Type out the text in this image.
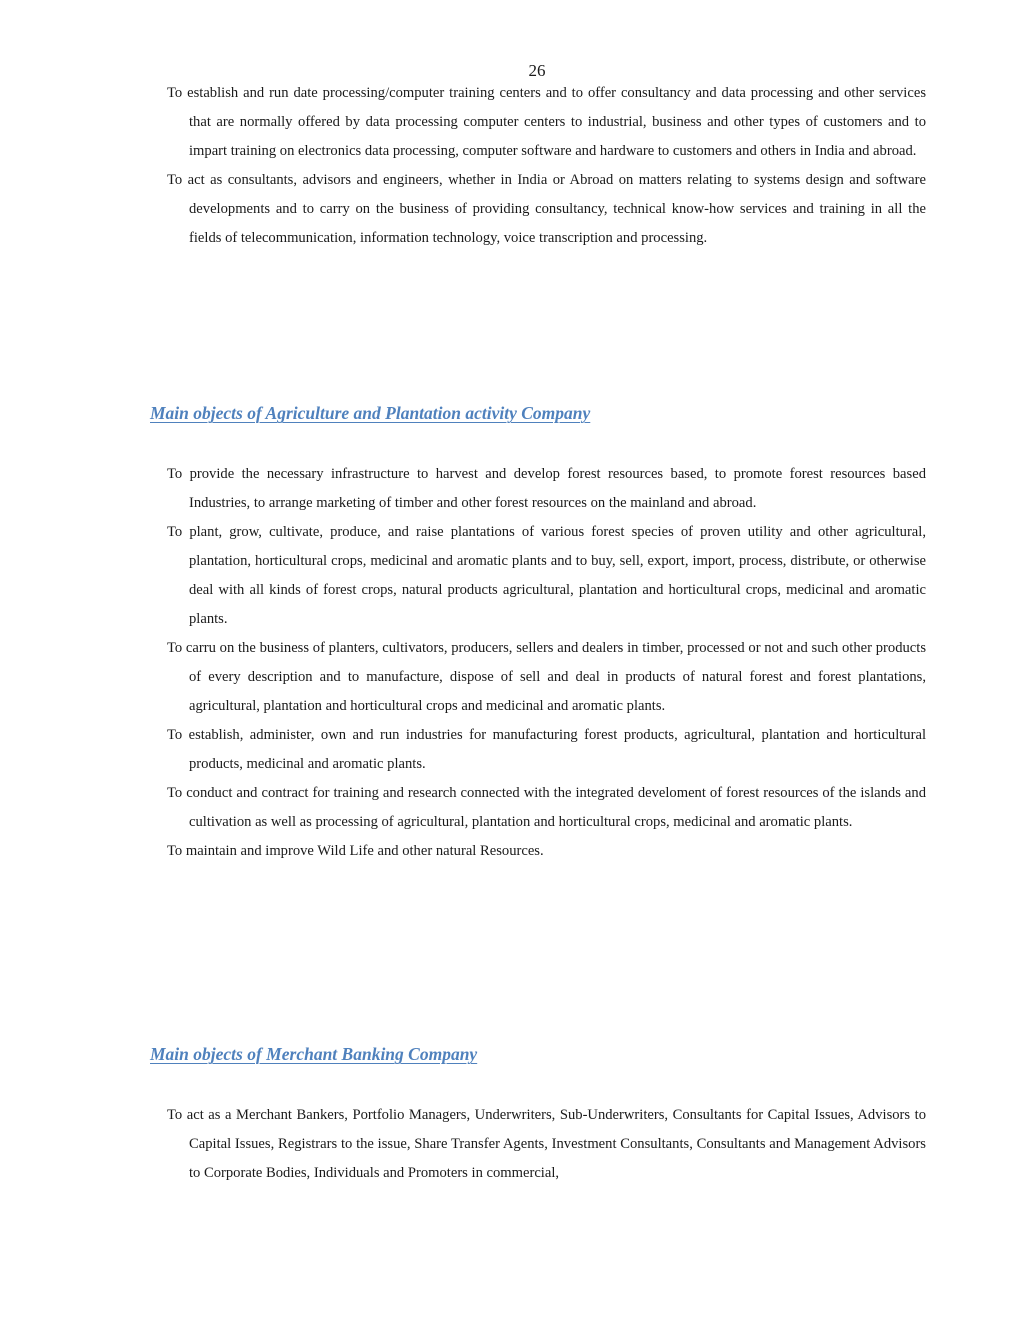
26

To establish and run date processing/computer training centers and to offer consultancy and data processing and other services that are normally offered by data processing computer centers to industrial, business and other types of customers and to impart training on electronics data processing, computer software and hardware to customers and others in India and abroad.

To act as consultants, advisors and engineers, whether in India or Abroad on matters relating to systems design and software developments and to carry on the business of providing consultancy, technical know-how services and training in all the fields of telecommunication, information technology, voice transcription and processing.

Main objects of Agriculture and Plantation activity Company

To provide the necessary infrastructure to harvest and develop forest resources based, to promote forest resources based Industries, to arrange marketing of timber and other forest resources on the mainland and abroad.

To plant, grow, cultivate, produce, and raise plantations of various forest species of proven utility and other agricultural, plantation, horticultural crops, medicinal and aromatic plants and to buy, sell, export, import, process, distribute, or otherwise deal with all kinds of forest crops, natural products agricultural, plantation and horticultural crops, medicinal and aromatic plants.

To carru on the business of planters, cultivators, producers, sellers and dealers in timber, processed or not and such other products of every description and to manufacture, dispose of sell and deal in products of natural forest and forest plantations, agricultural, plantation and horticultural crops and medicinal and aromatic plants.

To establish, administer, own and run industries for manufacturing forest products, agricultural, plantation and horticultural products, medicinal and aromatic plants.

To conduct and contract for training and research connected with the integrated develoment of forest resources of the islands and cultivation as well as processing of agricultural, plantation and horticultural crops, medicinal and aromatic plants.

To maintain and improve Wild Life and other natural Resources.

Main objects of Merchant Banking Company

To act as a Merchant Bankers, Portfolio Managers, Underwriters, Sub-Underwriters, Consultants for Capital Issues, Advisors to Capital Issues, Registrars to the issue, Share Transfer Agents, Investment Consultants, Consultants and Management Advisors to Corporate Bodies, Individuals and Promoters in commercial,
